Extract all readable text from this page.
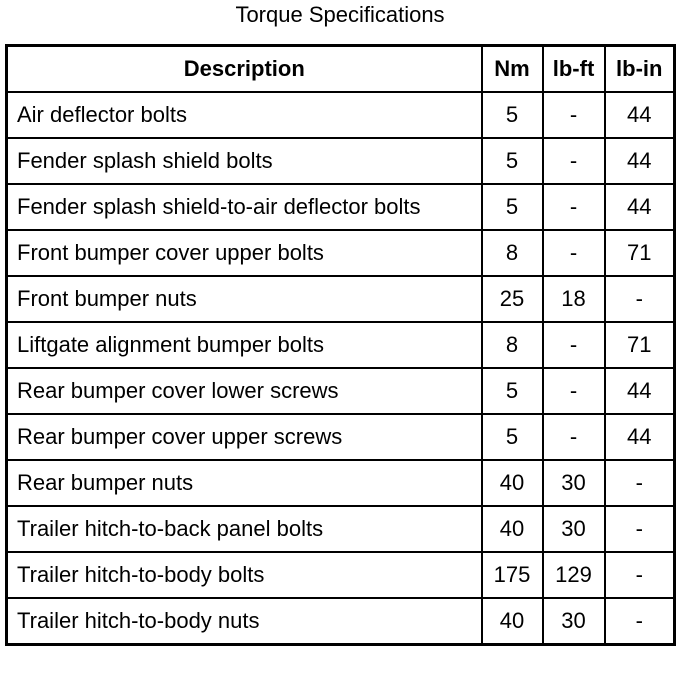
Torque Specifications
Description	Nm	lb-ft	lb-in
Air deflector bolts	5	-	44
Fender splash shield bolts	5	-	44
Fender splash shield-to-air deflector bolts	5	-	44
Front bumper cover upper bolts	8	-	71
Front bumper nuts	25	18	-
Liftgate alignment bumper bolts	8	-	71
Rear bumper cover lower screws	5	-	44
Rear bumper cover upper screws	5	-	44
Rear bumper nuts	40	30	-
Trailer hitch-to-back panel bolts	40	30	-
Trailer hitch-to-body bolts	175	129	-
Trailer hitch-to-body nuts	40	30	-
